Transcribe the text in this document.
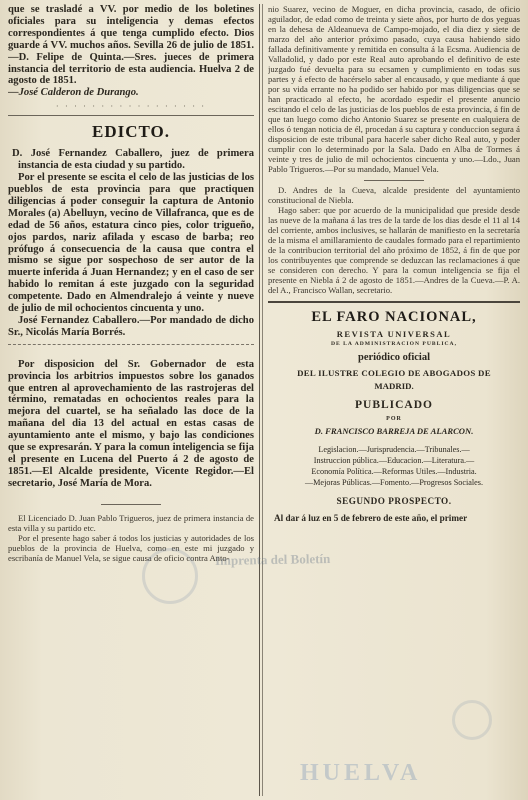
que se trasladé a VV. por medio de los boletines oficiales para su inteligencia y demas efectos correspondientes á que tenga cumplido efecto. Dios guarde á VV. muchos años. Sevilla 26 de julio de 1851.—D. Felipe de Quinta.—Sres. jueces de primera instancia del territorio de esta audiencia. Huelva 2 de agosto de 1851.

—José Calderon de Durango.

· · · · · · · · · · · · · · · · ·
EDICTO.

D. José Fernandez Caballero, juez de primera instancia de esta ciudad y su partido.

Por el presente se escita el celo de las justicias de los pueblos de esta provincia para que practiquen diligencias á poder conseguir la captura de Antonio Morales (a) Abelluyn, vecino de Villafranca, que es de edad de 56 años, estatura cinco pies, color trigueño, ojos pardos, nariz afilada y escaso de barba; reo prófugo á consecuencia de la causa que contra el mismo se sigue por sospechoso de ser autor de la muerte inferida á Juan Hernandez; y en el caso de ser habido lo remitan á este juzgado con la seguridad competente. Dado en Almendralejo á veinte y nueve de julio de mil ochocientos cincuenta y uno.

José Fernandez Caballero.—Por mandado de dicho Sr., Nicolás María Borrés.

Por disposicion del Sr. Gobernador de esta provincia los arbitrios impuestos sobre los ganados que entren al aprovechamiento de las rastrojeras del término, rematadas en ochocientos reales para la mejora del cuartel, se ha señalado las doce de la mañana del dia 13 del actual en estas casas de ayuntamiento ante el mismo, y bajo las condiciones que se expresarán. Y para la comun inteligencia se fija el presente en Lucena del Puerto á 2 de agosto de 1851.—El Alcalde presidente, Vicente Regidor.—El secretario, José María de Mora.

El Licenciado D. Juan Pablo Trigueros, juez de primera instancia de esta villa y su partido etc.

Por el presente hago saber á todos los justicias y autoridades de los pueblos de la provincia de Huelva, como en este mi juzgado y escribanía de Manuel Vela, se sigue causa de oficio contra Anto-

nio Suarez, vecino de Moguer, en dicha provincia, casado, de oficio aguilador, de edad como de treinta y siete años, por hurto de dos yeguas en la dehesa de Aldeanueva de Campo-mojado, el dia diez y siete de marzo del año anterior próximo pasado, cuya causa habiendo sido fallada definitivamente y remitida en consulta á la Ecsma. Audiencia de Valladolid, y dado por este Real auto aprobando el definitivo de este juzgado fué devuelta para su ecsamen y cumplimiento en todas sus partes y á efecto de hacérselo saber al encausado, y que mediante á que por su vida errante no ha podido ser habido por mas diligencias que se han practicado al efecto, he acordado espedir el presente anuncio escitando el celo de las justicias de los pueblos de esta provincia, á fin de que tan luego como dicho Antonio Suarez se presente en cualquiera de ellos ó tengan noticia de él, procedan á su captura y conduccion segura á disposicion de este tribunal para hacerle saber dicho Real auto, y poder cumplir con lo determinado por la Sala. Dado en Alba de Tormes á veinte y tres de julio de mil ochocientos cincuenta y uno.—Ldo., Juan Pablo Trigueros.—Por su mandado, Manuel Vela.

D. Andres de la Cueva, alcalde presidente del ayuntamiento constitucional de Niebla.

Hago saber: que por acuerdo de la municipalidad que preside desde las nueve de la mañana á las tres de la tarde de los dias desde el 11 al 14 del corriente, ambos inclusives, se hallarán de manifiesto en la secretaría de la misma el amillaramiento de caudales formado para el repartimiento de la contribucion territorial del año próximo de 1852, á fin de que por los contribuyentes que comprende se deduzcan las reclamaciones á que se consideren con derecho. Y para la comun inteligencia se fija el presente en Niebla á 2 de agosto de 1851.—Andres de la Cueva.—P. A. del A., Francisco Wallan, secretario.

EL FARO NACIONAL,
REVISTA UNIVERSAL
DE LA ADMINISTRACION PUBLICA,
periódico oficial
DEL ILUSTRE COLEGIO DE ABOGADOS DE
MADRID.
PUBLICADO
POR
D. FRANCISCO BARREJA DE ALARCON.
Legislacion.—Jurisprudencia.—Tribunales.—
Instruccion pública.—Educacion.—Literatura.—
Economía Política.—Reformas Utiles.—Industria.
—Mejoras Públicas.—Fomento.—Progresos Sociales.
SEGUNDO PROSPECTO.
Al dar á luz en 5 de febrero de este año, el primer
Imprenta del Boletín
HUELVA
